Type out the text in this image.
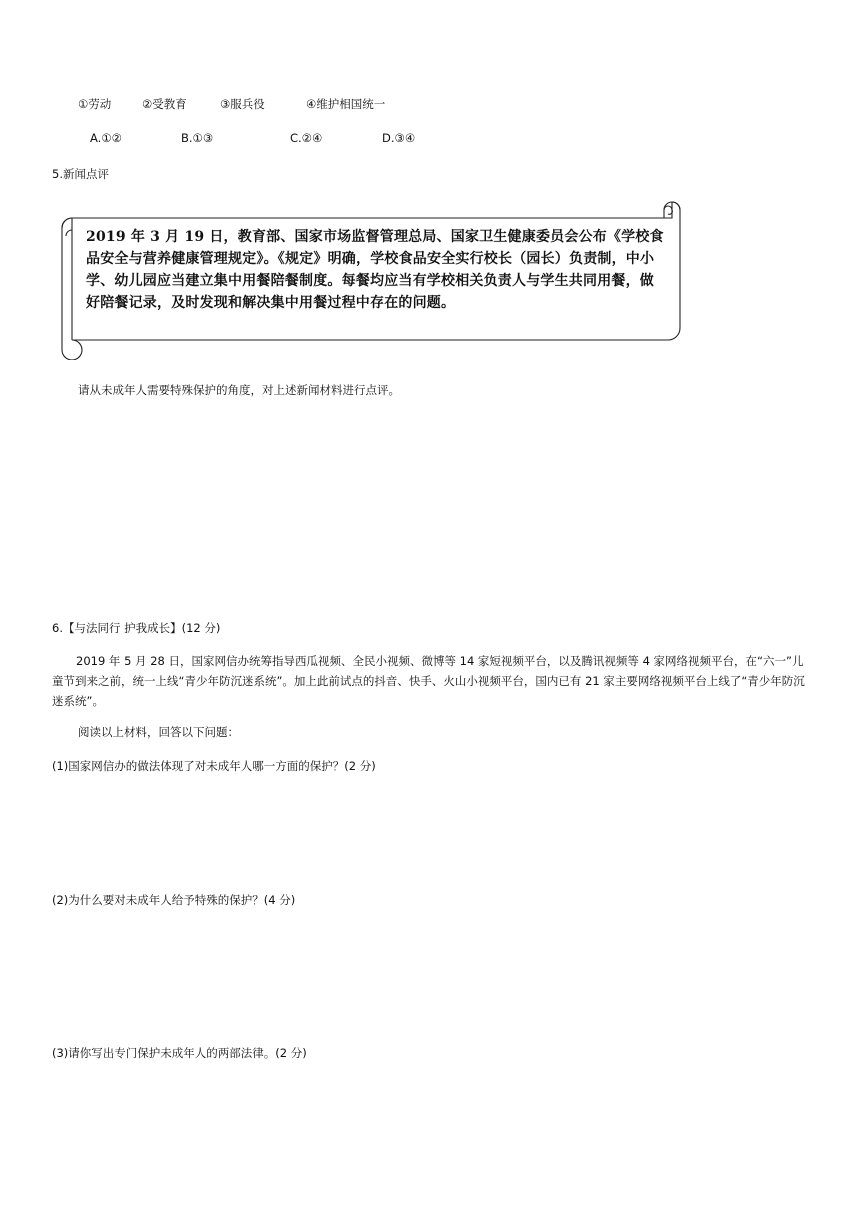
①劳动	②受教育	③服兵役	④维护相国统一
A.①②	B.①③	C.②④	D.③④
5.新闻点评
2019 年 3 月 19 日，教育部、国家市场监督管理总局、国家卫生健康委员会公布《学校食品安全与营养健康管理规定》。《规定》明确，学校食品安全实行校长（园长）负责制，中小学、幼儿园应当建立集中用餐陪餐制度。每餐均应当有学校相关负责人与学生共同用餐，做好陪餐记录，及时发现和解决集中用餐过程中存在的问题。
请从未成年人需要特殊保护的角度，对上述新闻材料进行点评。
6.【与法同行 护我成长】(12 分)
2019 年 5 月 28 日，国家网信办统筹指导西瓜视频、全民小视频、微博等 14 家短视频平台，以及腾讯视频等 4 家网络视频平台，在“六一”儿童节到来之前，统一上线“青少年防沉迷系统”。加上此前试点的抖音、快手、火山小视频平台，国内已有 21 家主要网络视频平台上线了“青少年防沉迷系统”。
阅读以上材料，回答以下问题：
(1)国家网信办的做法体现了对未成年人哪一方面的保护？(2 分)
(2)为什么要对未成年人给予特殊的保护？(4 分)
(3)请你写出专门保护未成年人的两部法律。(2 分)
